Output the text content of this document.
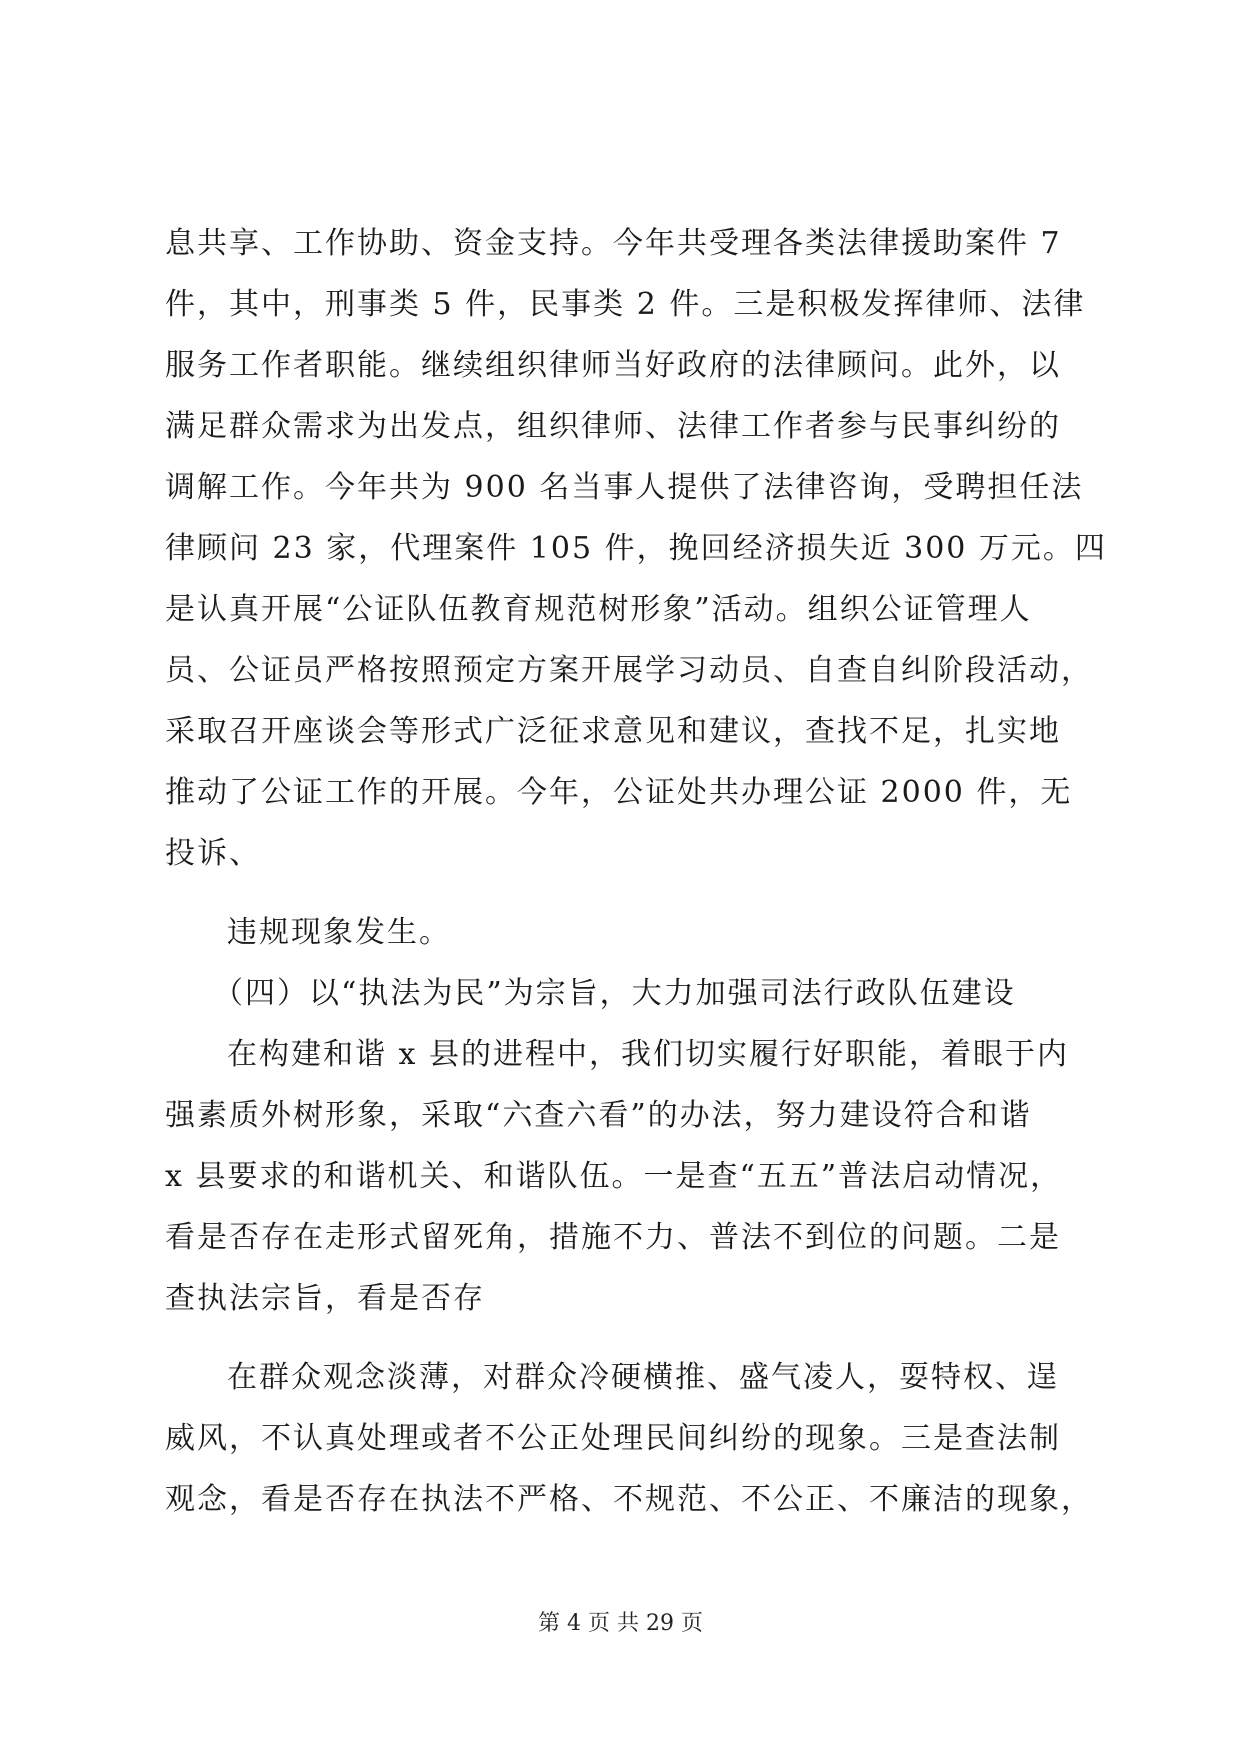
息共享、工作协助、资金支持。今年共受理各类法律援助案件 7
件，其中，刑事类 5 件，民事类 2 件。三是积极发挥律师、法律
服务工作者职能。继续组织律师当好政府的法律顾问。此外，以
满足群众需求为出发点，组织律师、法律工作者参与民事纠纷的
调解工作。今年共为 900 名当事人提供了法律咨询，受聘担任法
律顾问 23 家，代理案件 105 件，挽回经济损失近 300 万元。四
是认真开展“公证队伍教育规范树形象”活动。组织公证管理人
员、公证员严格按照预定方案开展学习动员、自查自纠阶段活动，
采取召开座谈会等形式广泛征求意见和建议，查找不足，扎实地
推动了公证工作的开展。今年，公证处共办理公证 2000 件，无
投诉、
违规现象发生。
（四）以“执法为民”为宗旨，大力加强司法行政队伍建设
在构建和谐 x 县的进程中，我们切实履行好职能，着眼于内
强素质外树形象，采取“六查六看”的办法，努力建设符合和谐
x 县要求的和谐机关、和谐队伍。一是查“五五”普法启动情况，
看是否存在走形式留死角，措施不力、普法不到位的问题。二是
查执法宗旨，看是否存
在群众观念淡薄，对群众冷硬横推、盛气凌人，耍特权、逞
威风，不认真处理或者不公正处理民间纠纷的现象。三是查法制
观念，看是否存在执法不严格、不规范、不公正、不廉洁的现象，
第 4 页 共 29 页
